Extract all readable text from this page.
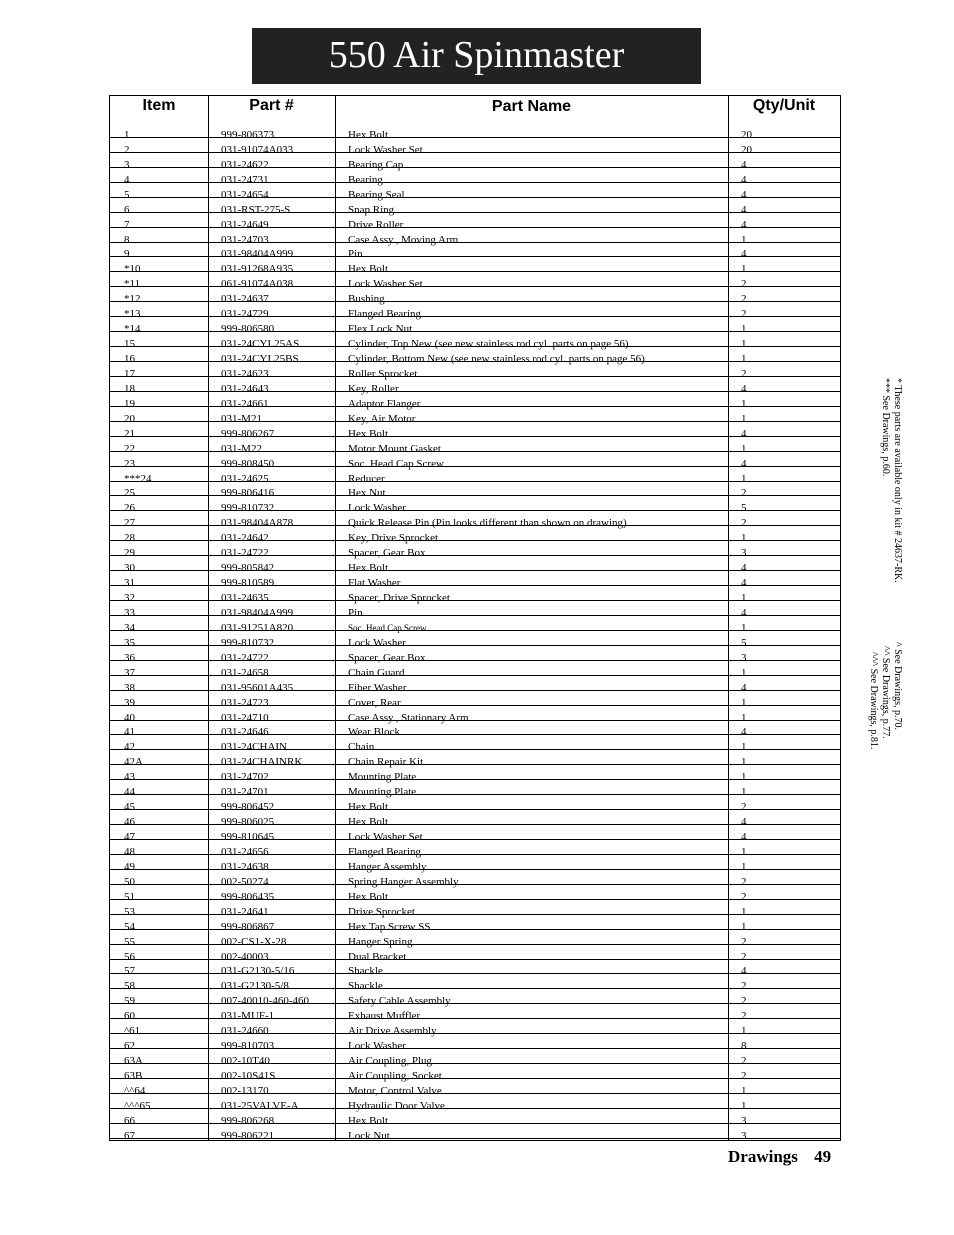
550 Air Spinmaster
Item	Part #	Part Name	Qty/Unit
1	999-806373	Hex Bolt	20
2	031-91074A033	Lock Washer Set	20
3	031-24622	Bearing Cap	4
4	031-24731	Bearing	4
5	031-24654	Bearing Seal	4
6	031-RST-275-S	Snap Ring	4
7	031-24649	Drive Roller	4
8	031-24703	Case Assy., Moving Arm	1
9	031-98404A999	Pin	4
*10	031-91268A935	Hex Bolt	1
*11	061-91074A038	Lock Washer Set	2
*12	031-24637	Bushing	2
*13	031-24729	Flanged Bearing	2
*14	999-806580	Flex Lock Nut	1
15	031-24CYL25AS	Cylinder, Top New (see new stainless rod cyl. parts on page 56)	1
16	031-24CYL25BS	Cylinder, Bottom New (see new stainless rod cyl. parts on page 56)	1
17	031-24623	Roller Sprocket	2
18	031-24643	Key, Roller	4
19	031-24661	Adaptor Flanger	1
20	031-M21	Key, Air Motor	1
21	999-806267	Hex Bolt	4
22	031-M22	Motor Mount Gasket	1
23	999-808450	Soc. Head Cap Screw	4
***24	031-24625	Reducer	1
25	999-806416	Hex Nut	2
26	999-810732	Lock Washer	5
27	031-98404A878	Quick Release Pin (Pin looks different than shown on drawing)	2
28	031-24642	Key, Drive Sprocket	1
29	031-24722	Spacer, Gear Box	3
30	999-805842	Hex Bolt	4
31	999-810589	Flat Washer	4
32	031-24635	Spacer, Drive Sprocket	1
33	031-98404A999	Pin	4
34	031-91251A820	Soc. Head Cap Screw	1
35	999-810732	Lock Washer	5
36	031-24722	Spacer, Gear Box	3
37	031-24658	Chain Guard	1
38	031-95601A435	Fiber Washer	4
39	031-24723	Cover, Rear	1
40	031-24710	Case Assy., Stationary Arm	1
41	031-24646	Wear Block	4
42	031-24CHAIN	Chain	1
42A	031-24CHAINRK	Chain Repair Kit	1
43	031-24702	Mounting Plate	1
44	031-24701	Mounting Plate	1
45	999-806452	Hex Bolt	2
46	999-806025	Hex Bolt	4
47	999-810645	Lock Washer Set	4
48	031-24656	Flanged Bearing	1
49	031-24638	Hanger Assembly	1
50	002-50274	Spring Hanger Assembly	2
51	999-806435	Hex Bolt	2
53	031-24641	Drive Sprocket	1
54	999-806867	Hex Tap Screw SS	1
55	002-CS1-X-28	Hanger Spring	2
56	002-40003	Dual Bracket	2
57	031-G2130-5/16	Shackle	4
58	031-G2130-5/8	Shackle	2
59	007-40010-460-460	Safety Cable Assembly	2
60	031-MUF-1	Exhaust Muffler	2
^61	031-24660	Air Drive Assembly	1
62	999-810703	Lock Washer	8
63A	002-10T40	Air Coupling, Plug	2
63B	002-10S41S	Air Coupling, Socket	2
^^64	002-13170	Motor, Control Valve	1
^^^65	031-25VALVE-A	Hydraulic Door Valve	1
66	999-806268	Hex Bolt	3
67	999-806221	Lock Nut	3
* These parts are available only in kit # 24637-RK.
*** See Drawings, p.60.
^ See Drawings, p.70.
^^ See Drawings, p.77.
^^^ See Drawings, p.81.
Drawings 49
